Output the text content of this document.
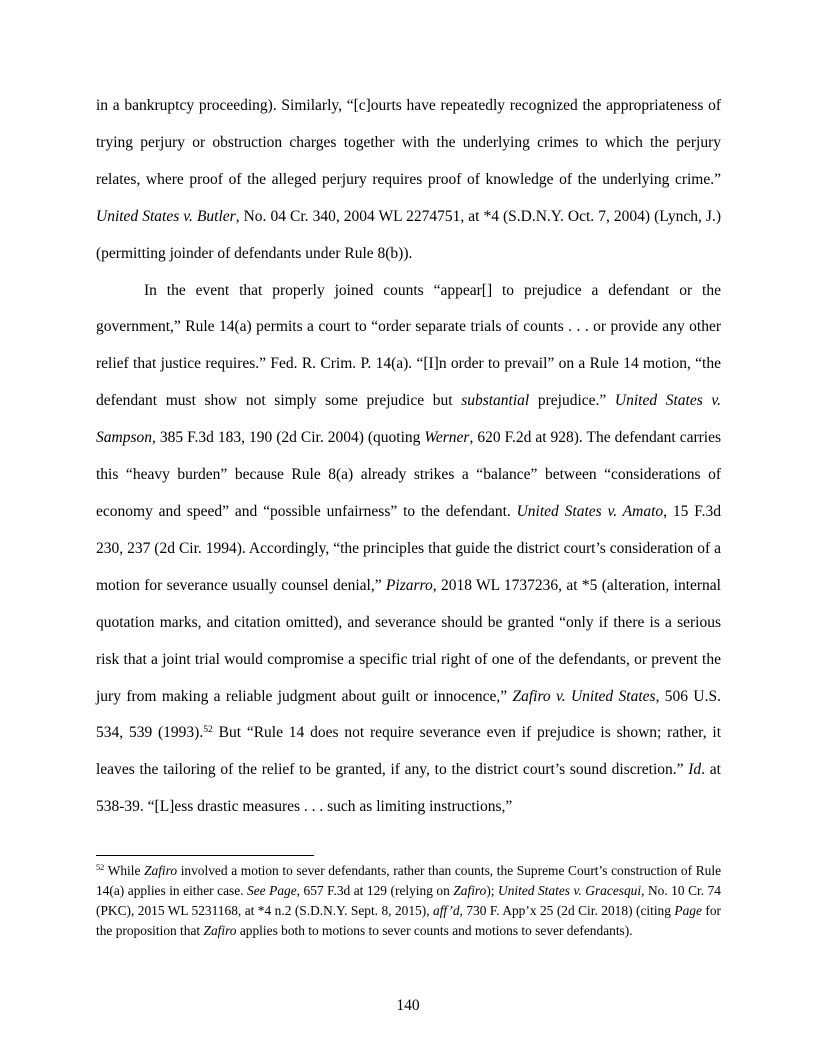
in a bankruptcy proceeding). Similarly, “[c]ourts have repeatedly recognized the appropriateness of trying perjury or obstruction charges together with the underlying crimes to which the perjury relates, where proof of the alleged perjury requires proof of knowledge of the underlying crime.” United States v. Butler, No. 04 Cr. 340, 2004 WL 2274751, at *4 (S.D.N.Y. Oct. 7, 2004) (Lynch, J.) (permitting joinder of defendants under Rule 8(b)).

In the event that properly joined counts “appear[] to prejudice a defendant or the government,” Rule 14(a) permits a court to “order separate trials of counts . . . or provide any other relief that justice requires.” Fed. R. Crim. P. 14(a). “[I]n order to prevail” on a Rule 14 motion, “the defendant must show not simply some prejudice but substantial prejudice.” United States v. Sampson, 385 F.3d 183, 190 (2d Cir. 2004) (quoting Werner, 620 F.2d at 928). The defendant carries this “heavy burden” because Rule 8(a) already strikes a “balance” between “considerations of economy and speed” and “possible unfairness” to the defendant. United States v. Amato, 15 F.3d 230, 237 (2d Cir. 1994). Accordingly, “the principles that guide the district court’s consideration of a motion for severance usually counsel denial,” Pizarro, 2018 WL 1737236, at *5 (alteration, internal quotation marks, and citation omitted), and severance should be granted “only if there is a serious risk that a joint trial would compromise a specific trial right of one of the defendants, or prevent the jury from making a reliable judgment about guilt or innocence,” Zafiro v. United States, 506 U.S. 534, 539 (1993).$^{52}$ But “Rule 14 does not require severance even if prejudice is shown; rather, it leaves the tailoring of the relief to be granted, if any, to the district court’s sound discretion.” Id. at 538-39. “[L]ess drastic measures . . . such as limiting instructions,”

$^{52}$ While Zafiro involved a motion to sever defendants, rather than counts, the Supreme Court’s construction of Rule 14(a) applies in either case. See Page, 657 F.3d at 129 (relying on Zafiro); United States v. Gracesqui, No. 10 Cr. 74 (PKC), 2015 WL 5231168, at *4 n.2 (S.D.N.Y. Sept. 8, 2015), aff’d, 730 F. App’x 25 (2d Cir. 2018) (citing Page for the proposition that Zafiro applies both to motions to sever counts and motions to sever defendants).
140
